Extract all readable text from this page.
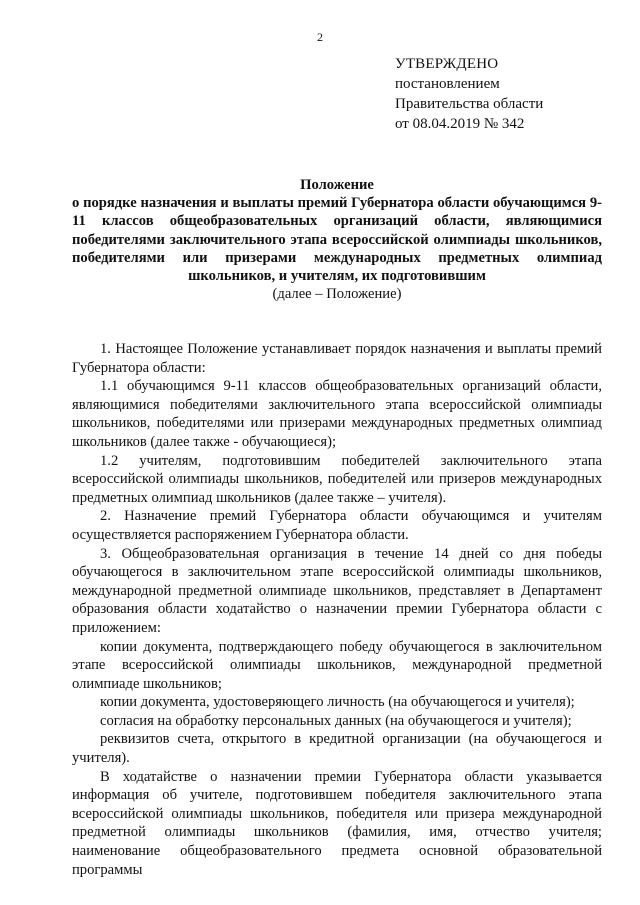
2
УТВЕРЖДЕНО
постановлением
Правительства области
от 08.04.2019 № 342
Положение
о порядке назначения и выплаты премий Губернатора области обучающимся 9-11 классов общеобразовательных организаций области, являющимися победителями заключительного этапа всероссийской олимпиады школьников, победителями или призерами международных предметных олимпиад школьников, и учителям, их подготовившим
(далее – Положение)

1. Настоящее Положение устанавливает порядок назначения и выплаты премий Губернатора области:

1.1 обучающимся 9-11 классов общеобразовательных организаций области, являющимися победителями заключительного этапа всероссийской олимпиады школьников, победителями или призерами международных предметных олимпиад школьников (далее также - обучающиеся);

1.2 учителям, подготовившим победителей заключительного этапа всероссийской олимпиады школьников, победителей или призеров международных предметных олимпиад школьников (далее также – учителя).

2. Назначение премий Губернатора области обучающимся и учителям осуществляется распоряжением Губернатора области.

3. Общеобразовательная организация в течение 14 дней со дня победы обучающегося в заключительном этапе всероссийской олимпиады школьников, международной предметной олимпиаде школьников, представляет в Департамент образования области ходатайство о назначении премии Губернатора области с приложением:

копии документа, подтверждающего победу обучающегося в заключительном этапе всероссийской олимпиады школьников, международной предметной олимпиаде школьников;

копии документа, удостоверяющего личность (на обучающегося и учителя);

согласия на обработку персональных данных (на обучающегося и учителя);

реквизитов счета, открытого в кредитной организации (на обучающегося и учителя).

В ходатайстве о назначении премии Губернатора области указывается информация об учителе, подготовившем победителя заключительного этапа всероссийской олимпиады школьников, победителя или призера международной предметной олимпиады школьников (фамилия, имя, отчество учителя; наименование общеобразовательного предмета основной образовательной программы
